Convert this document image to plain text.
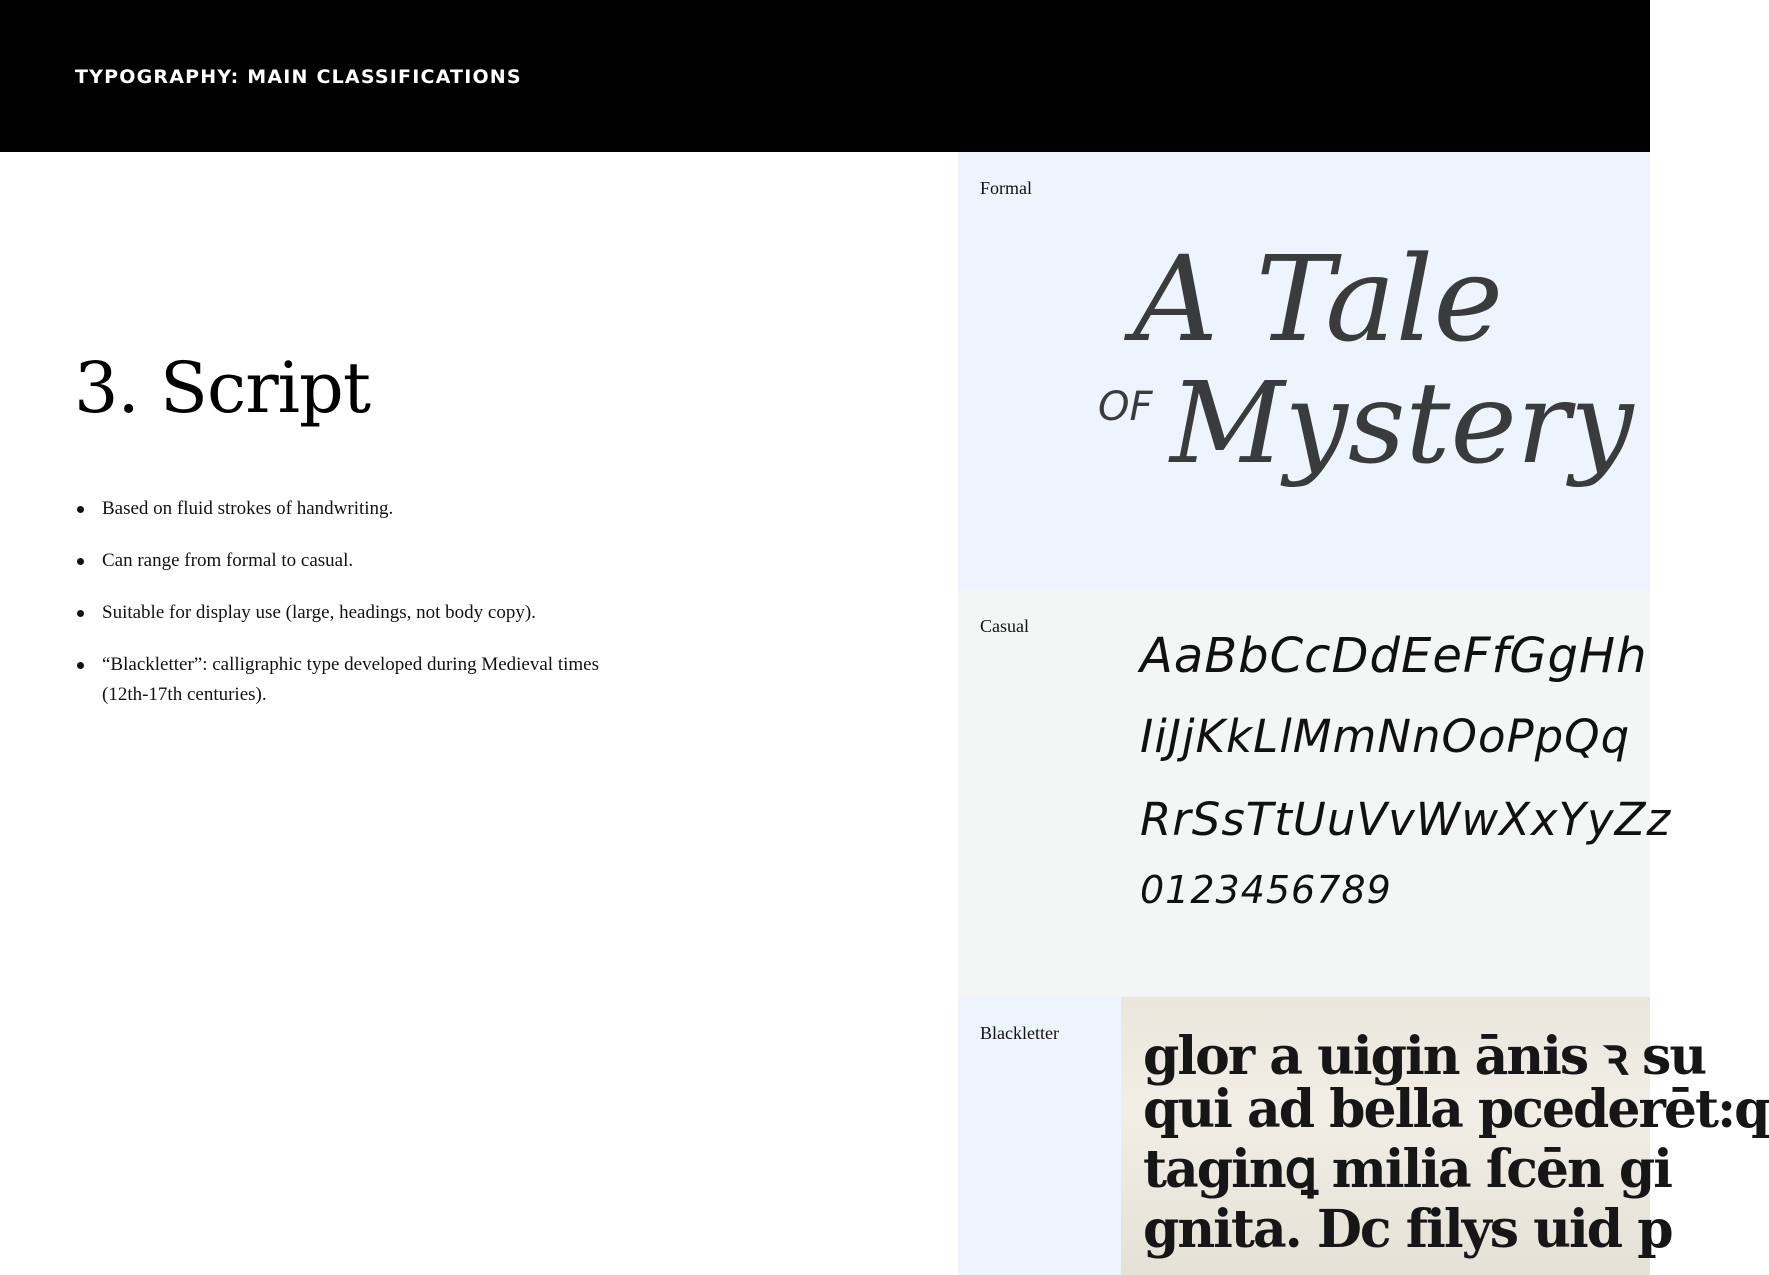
TYPOGRAPHY: MAIN CLASSIFICATIONS
3. Script
Based on fluid strokes of handwriting.
Can range from formal to casual.
Suitable for display use (large, headings, not body copy).
“Blackletter”: calligraphic type developed during Medieval times (12th-17th centuries).
Formal
A Tale
OF Mystery
Casual
AaBbCcDdEeFfGgHh
IiJjKkLlMmNnOoPpQq
RrSsTtUuVvWwXxYyZz
0123456789
Blackletter glor a uigin ānis ꝛ su
qui ad bella pcederēt:q
taginꝗ milia ſcēn gi
gnita. Dc filys uid p
